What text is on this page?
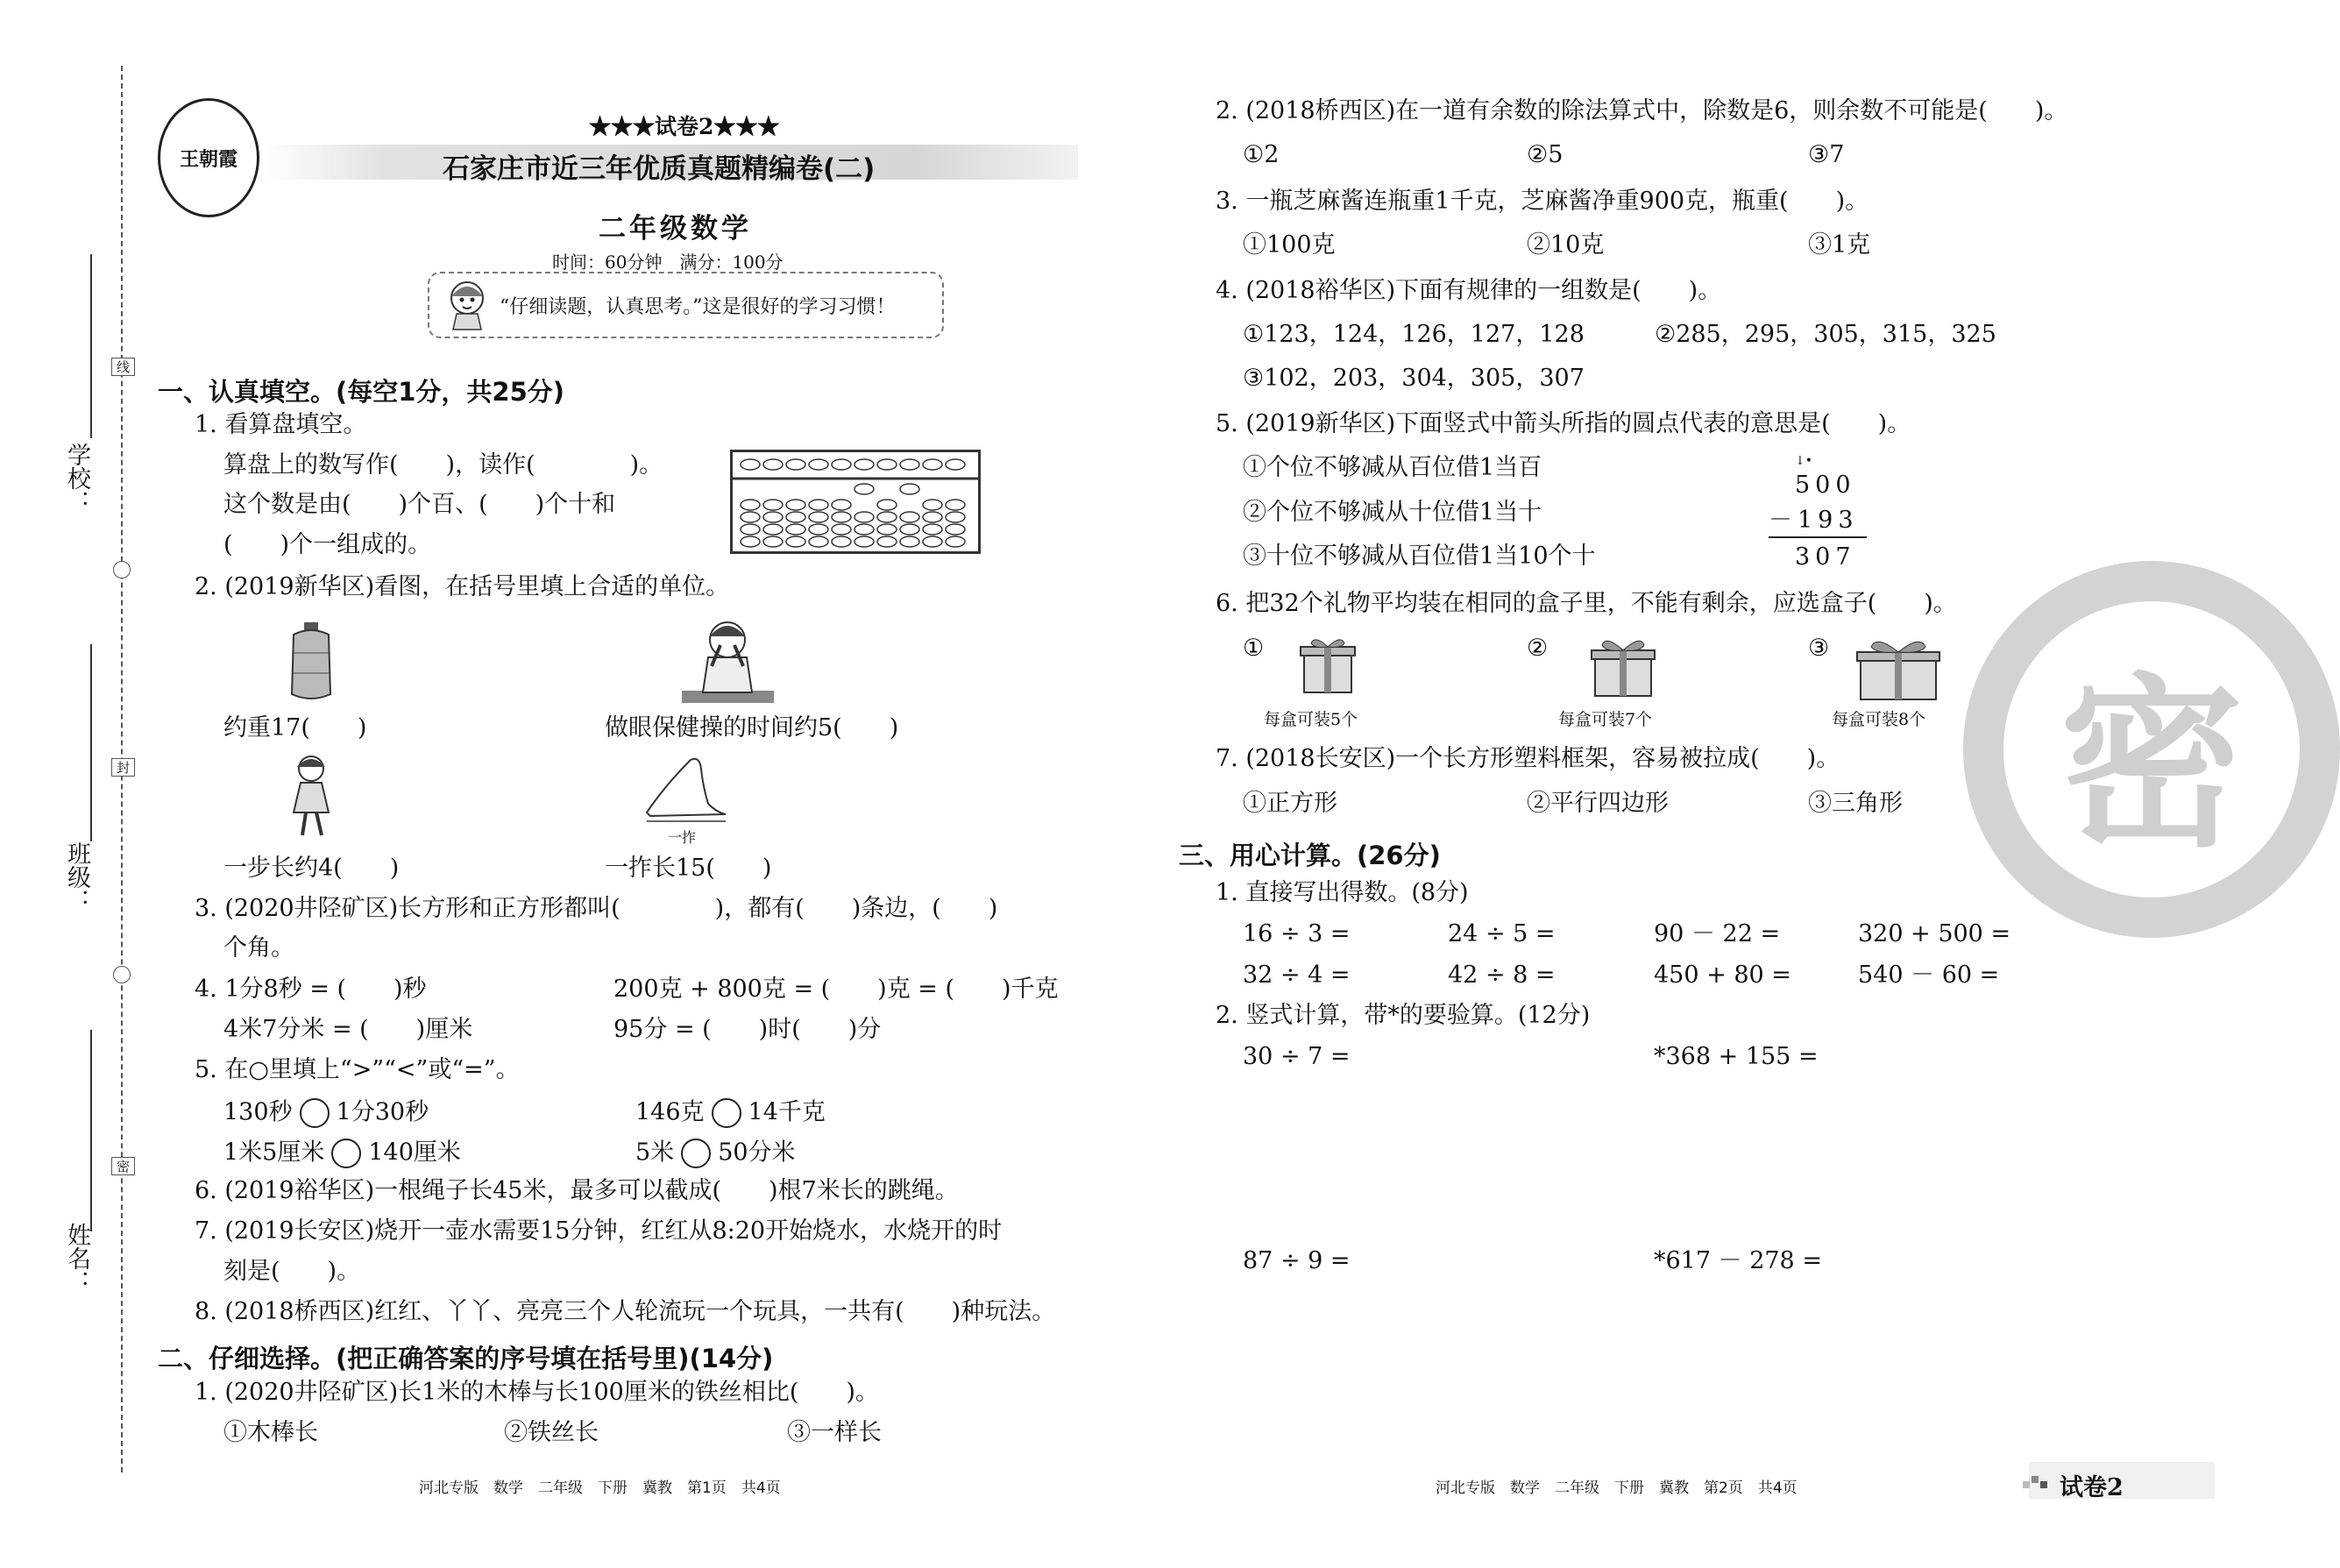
学校：
班级：
姓名：
线
封
密
王朝霞
★★★试卷2★★★
石家庄市近三年优质真题精编卷(二)
二年级数学
时间：60分钟　满分：100分
“仔细读题，认真思考。”这是很好的学习习惯！
一、认真填空。(每空1分，共25分)
1. 看算盘填空。
算盘上的数写作(　　)，读作(　　　　)。
这个数是由(　　)个百、(　　)个十和
(　　)个一组成的。
2. (2019新华区)看图，在括号里填上合适的单位。
约重17(　　)	做眼保健操的时间约5(　　)
一拃
一步长约4(　　)	一拃长15(　　)
3. (2020井陉矿区)长方形和正方形都叫(　　　　)，都有(　　)条边，(　　)
个角。
4. 1分8秒 = (　　)秒	200克 + 800克 = (　　)克 = (　　)千克
4米7分米 = (　　)厘米	95分 = (　　)时(　　)分
5. 在○里填上“>”“<”或“=”。
130秒 1分30秒	146克 14千克
1米5厘米 140厘米	5米 50分米
6. (2019裕华区)一根绳子长45米，最多可以截成(　　)根7米长的跳绳。
7. (2019长安区)烧开一壶水需要15分钟，红红从8:20开始烧水，水烧开的时
刻是(　　)。
8. (2018桥西区)红红、丫丫、亮亮三个人轮流玩一个玩具，一共有(　　)种玩法。
二、仔细选择。(把正确答案的序号填在括号里)(14分)
1. (2020井陉矿区)长1米的木棒与长100厘米的铁丝相比(　　)。
①木棒长	②铁丝长	③一样长
河北专版　数学　二年级　下册　冀教　第1页　共4页
密
2. (2018桥西区)在一道有余数的除法算式中，除数是6，则余数不可能是(　　)。
①2	②5	③7
3. 一瓶芝麻酱连瓶重1千克，芝麻酱净重900克，瓶重(　　)。
①100克	②10克	③1克
4. (2018裕华区)下面有规律的一组数是(　　)。
①123，124，126，127，128	②285，295，305，315，325
③102，203，304，305，307
5. (2019新华区)下面竖式中箭头所指的圆点代表的意思是(　　)。
①个位不够减从百位借1当百
②个位不够减从十位借1当十
③十位不够减从百位借1当10个十
↓•
500
－193
307
6. 把32个礼物平均装在相同的盒子里，不能有剩余，应选盒子(　　)。
①	②	③
每盒可装5个	每盒可装7个	每盒可装8个
7. (2018长安区)一个长方形塑料框架，容易被拉成(　　)。
①正方形	②平行四边形	③三角形
三、用心计算。(26分)
1. 直接写出得数。(8分)
16 ÷ 3 =	24 ÷ 5 =	90 － 22 =	320 + 500 =
32 ÷ 4 =	42 ÷ 8 =	450 + 80 =	540 － 60 =
2. 竖式计算，带*的要验算。(12分)
30 ÷ 7 =	*368 + 155 =
87 ÷ 9 =	*617 － 278 =
河北专版　数学　二年级　下册　冀教　第2页　共4页	试卷2
